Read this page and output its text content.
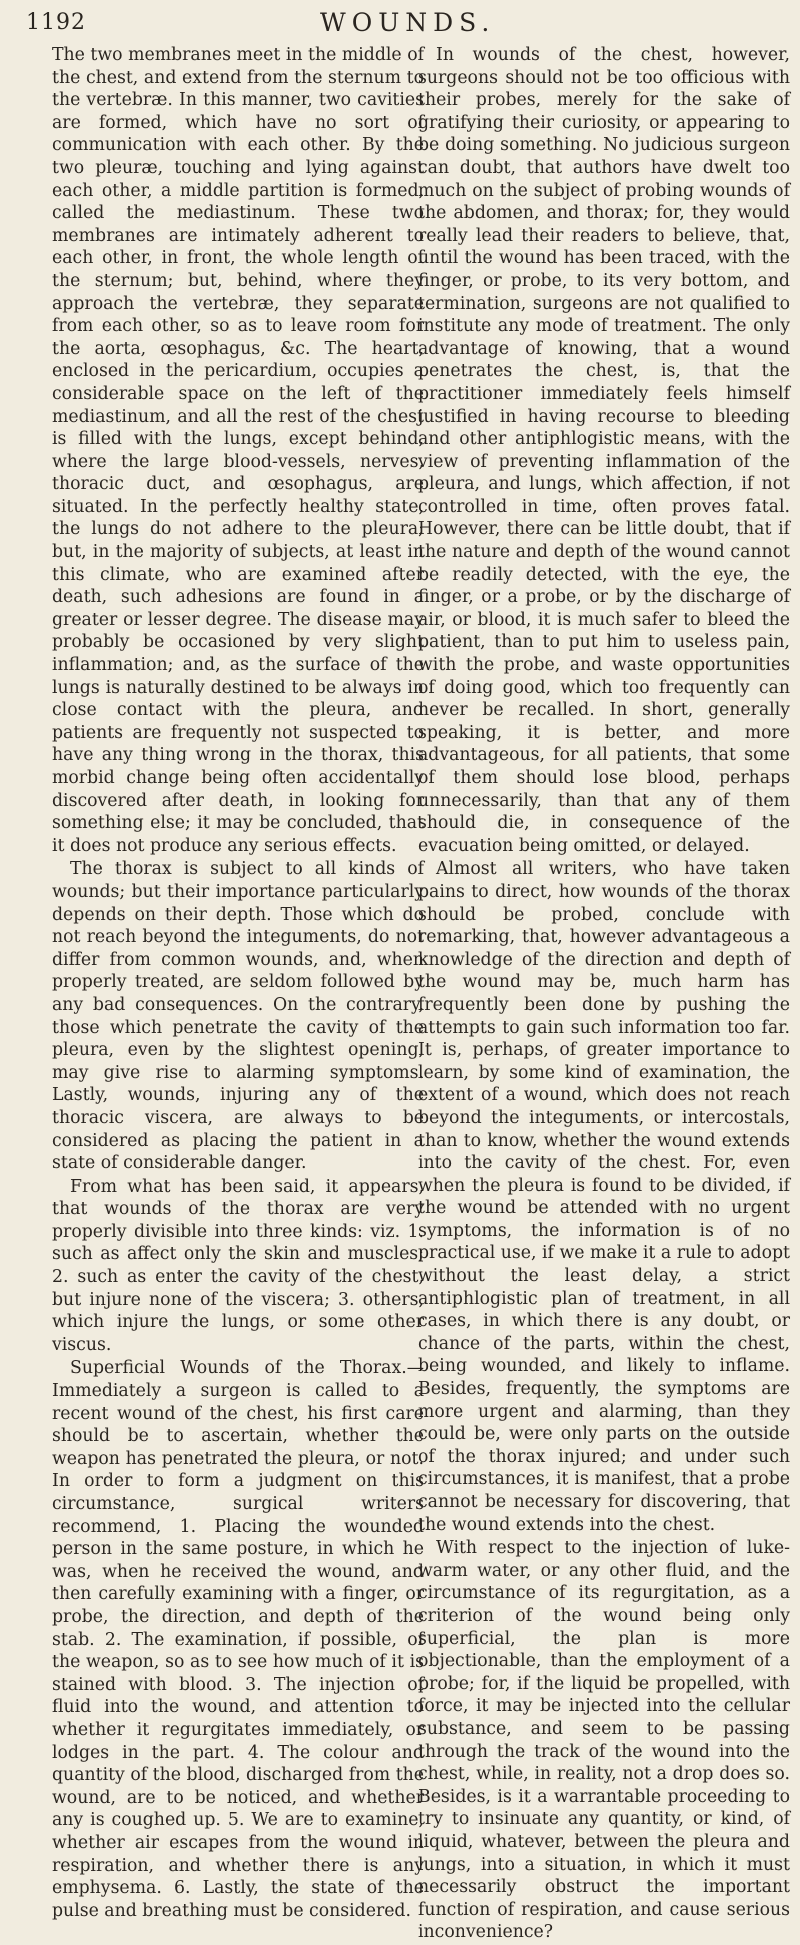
1192	WOUNDS.

The two membranes meet in the middle of the chest, and extend from the sternum to the vertebræ. In this manner, two cavities are formed, which have no sort of communication with each other. By the two pleuræ, touching and lying against each other, a middle partition is formed, called the mediastinum. These two membranes are intimately adherent to each other, in front, the whole length of the sternum; but, behind, where they approach the vertebræ, they separate from each other, so as to leave room for the aorta, œsophagus, &c. The heart, enclosed in the pericardium, occupies a considerable space on the left of the mediastinum, and all the rest of the chest is filled with the lungs, except behind, where the large blood-vessels, nerves, thoracic duct, and œsophagus, are situated. In the perfectly healthy state, the lungs do not adhere to the pleura; but, in the majority of subjects, at least in this climate, who are examined after death, such adhesions are found in a greater or lesser degree. The disease may probably be occasioned by very slight inflammation; and, as the surface of the lungs is naturally destined to be always in close contact with the pleura, and patients are frequently not suspected to have any thing wrong in the thorax, this morbid change being often accidentally discovered after death, in looking for something else; it may be concluded, that it does not produce any serious effects.

The thorax is subject to all kinds of wounds; but their importance particularly depends on their depth. Those which do not reach beyond the integuments, do not differ from common wounds, and, when properly treated, are seldom followed by any bad consequences. On the contrary, those which penetrate the cavity of the pleura, even by the slightest opening, may give rise to alarming symptoms. Lastly, wounds, injuring any of the thoracic viscera, are always to be considered as placing the patient in a state of considerable danger.

From what has been said, it appears, that wounds of the thorax are very properly divisible into three kinds: viz. 1. such as affect only the skin and muscles; 2. such as enter the cavity of the chest, but injure none of the viscera; 3. others, which injure the lungs, or some other viscus.

Superficial Wounds of the Thorax.—Immediately a surgeon is called to a recent wound of the chest, his first care should be to ascertain, whether the weapon has penetrated the pleura, or not. In order to form a judgment on this circumstance, surgical writers recommend, 1. Placing the wounded person in the same posture, in which he was, when he received the wound, and then carefully examining with a finger, or probe, the direction, and depth of the stab. 2. The examination, if possible, of the weapon, so as to see how much of it is stained with blood. 3. The injection of fluid into the wound, and attention to whether it regurgitates immediately, or lodges in the part. 4. The colour and quantity of the blood, discharged from the wound, are to be noticed, and whether any is coughed up. 5. We are to examine, whether air escapes from the wound in respiration, and whether there is any emphysema. 6. Lastly, the state of the pulse and breathing must be considered.

In wounds of the chest, however, surgeons should not be too officious with their probes, merely for the sake of gratifying their curiosity, or appearing to be doing something. No judicious surgeon can doubt, that authors have dwelt too much on the subject of probing wounds of the abdomen, and thorax; for, they would really lead their readers to believe, that, until the wound has been traced, with the finger, or probe, to its very bottom, and termination, surgeons are not qualified to institute any mode of treatment. The only advantage of knowing, that a wound penetrates the chest, is, that the practitioner immediately feels himself justified in having recourse to bleeding and other antiphlogistic means, with the view of preventing inflammation of the pleura, and lungs, which affection, if not controlled in time, often proves fatal. However, there can be little doubt, that if the nature and depth of the wound cannot be readily detected, with the eye, the finger, or a probe, or by the discharge of air, or blood, it is much safer to bleed the patient, than to put him to useless pain, with the probe, and waste opportunities of doing good, which too frequently can never be recalled. In short, generally speaking, it is better, and more advantageous, for all patients, that some of them should lose blood, perhaps unnecessarily, than that any of them should die, in consequence of the evacuation being omitted, or delayed.

Almost all writers, who have taken pains to direct, how wounds of the thorax should be probed, conclude with remarking, that, however advantageous a knowledge of the direction and depth of the wound may be, much harm has frequently been done by pushing the attempts to gain such information too far. It is, perhaps, of greater importance to learn, by some kind of examination, the extent of a wound, which does not reach beyond the integuments, or intercostals, than to know, whether the wound extends into the cavity of the chest. For, even when the pleura is found to be divided, if the wound be attended with no urgent symptoms, the information is of no practical use, if we make it a rule to adopt without the least delay, a strict antiphlogistic plan of treatment, in all cases, in which there is any doubt, or chance of the parts, within the chest, being wounded, and likely to inflame. Besides, frequently, the symptoms are more urgent and alarming, than they could be, were only parts on the outside of the thorax injured; and under such circumstances, it is manifest, that a probe cannot be necessary for discovering, that the wound extends into the chest.

With respect to the injection of luke-warm water, or any other fluid, and the circumstance of its regurgitation, as a criterion of the wound being only superficial, the plan is more objectionable, than the employment of a probe; for, if the liquid be propelled, with force, it may be injected into the cellular substance, and seem to be passing through the track of the wound into the chest, while, in reality, not a drop does so. Besides, is it a warrantable proceeding to try to insinuate any quantity, or kind, of liquid, whatever, between the pleura and lungs, into a situation, in which it must necessarily obstruct the important function of respiration, and cause serious inconvenience?
